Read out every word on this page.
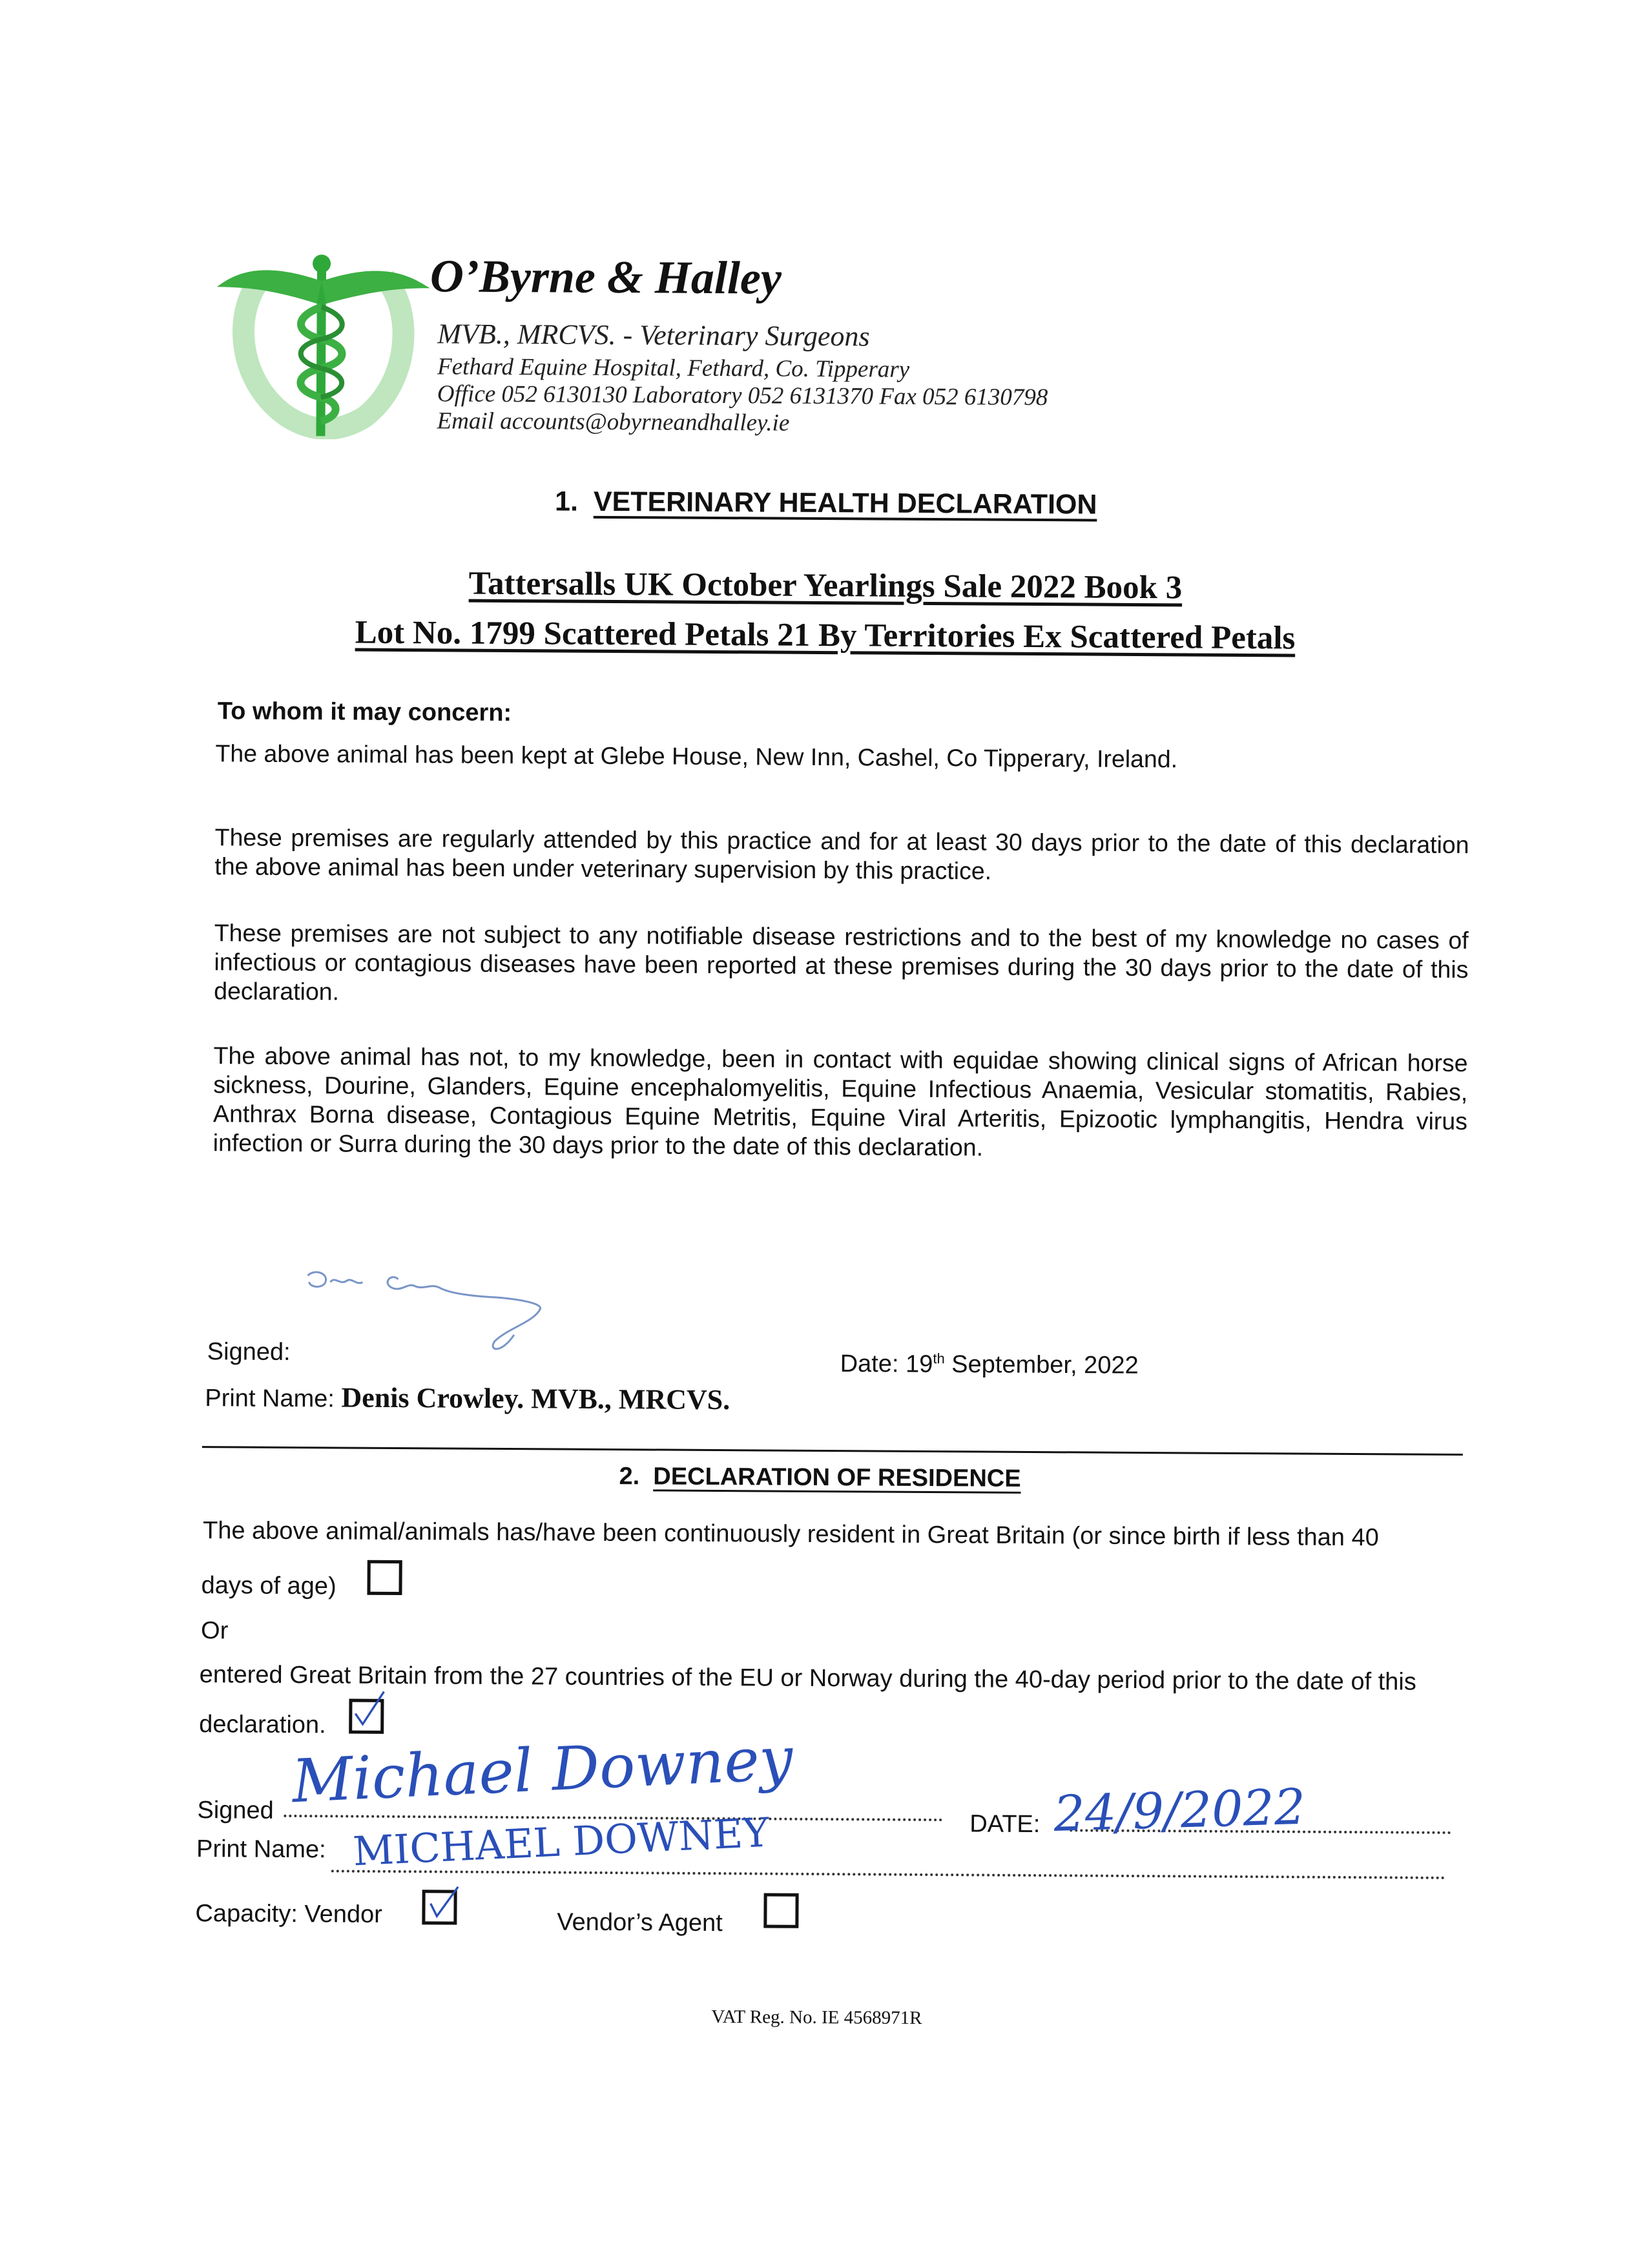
O’Byrne & Halley
MVB., MRCVS. - Veterinary Surgeons
Fethard Equine Hospital, Fethard, Co. Tipperary
Office 052 6130130 Laboratory 052 6131370 Fax 052 6130798
Email accounts@obyrneandhalley.ie
1. VETERINARY HEALTH DECLARATION
Tattersalls UK October Yearlings Sale 2022 Book 3
Lot No. 1799 Scattered Petals 21 By Territories Ex Scattered Petals
To whom it may concern:
The above animal has been kept at Glebe House, New Inn, Cashel, Co Tipperary, Ireland.
These premises are regularly attended by this practice and for at least 30 days prior to the date of this declaration the above animal has been under veterinary supervision by this practice.
These premises are not subject to any notifiable disease restrictions and to the best of my knowledge no cases of infectious or contagious diseases have been reported at these premises during the 30 days prior to the date of this declaration.
The above animal has not, to my knowledge, been in contact with equidae showing clinical signs of African horse sickness, Dourine, Glanders, Equine encephalomyelitis, Equine Infectious Anaemia, Vesicular stomatitis, Rabies, Anthrax Borna disease, Contagious Equine Metritis, Equine Viral Arteritis, Epizootic lymphangitis, Hendra virus infection or Surra during the 30 days prior to the date of this declaration.
Signed:	Date: 19th September, 2022
Print Name: Denis Crowley. MVB., MRCVS.
2. DECLARATION OF RESIDENCE
The above animal/animals has/have been continuously resident in Great Britain (or since birth if less than 40
days of age)
Or
entered Great Britain from the 27 countries of the EU or Norway during the 40-day period prior to the date of this
declaration.
Signed Michael Downey
DATE: 24/9/2022
Print Name: MICHAEL DOWNEY
Capacity: Vendor	Vendor’s Agent
VAT Reg. No. IE 4568971R
